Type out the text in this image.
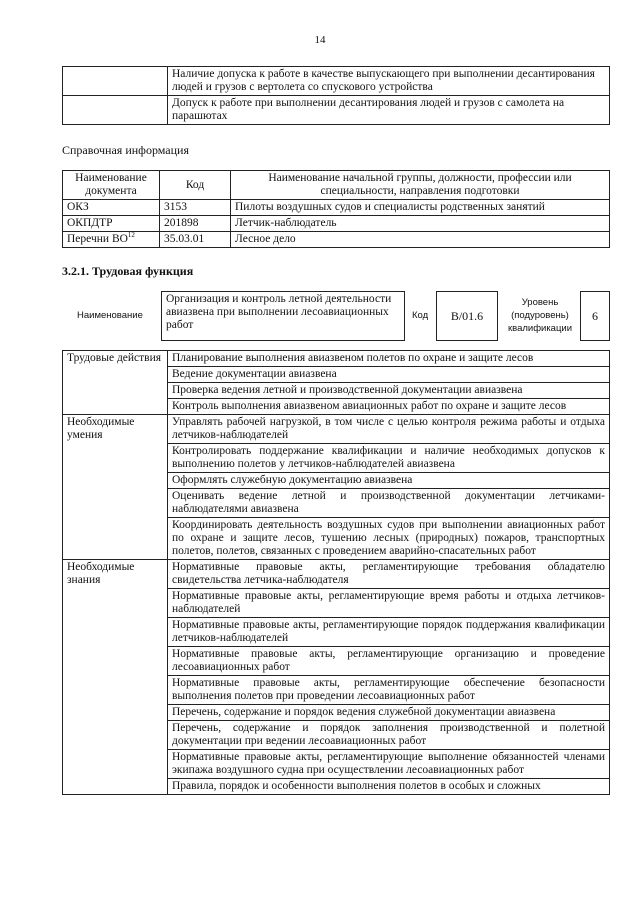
14
	Наличие допуска к работе в качестве выпускающего при выполнении десантирования людей и грузов с вертолета со спускового устройства
	Допуск к работе при выполнении десантирования людей и грузов с самолета на парашютах
Справочная информация
Наименование документа	Код	Наименование начальной группы, должности, профессии или специальности, направления подготовки
ОКЗ	3153	Пилоты воздушных судов и специалисты родственных занятий
ОКПДТР	201898	Летчик-наблюдатель
Перечни ВО$^{12}$	35.03.01	Лесное дело
3.2.1. Трудовая функция
Наименование
Организация и контроль летной деятельности авиазвена при выполнении лесоавиационных работ
Код	В/01.6
Уровень (подуровень) квалификации
6
Трудовые действия	Планирование выполнения авиазвеном полетов по охране и защите лесов
	Ведение документации авиазвена
	Проверка ведения летной и производственной документации авиазвена
	Контроль выполнения авиазвеном авиационных работ по охране и защите лесов
Необходимые умения	Управлять рабочей нагрузкой, в том числе с целью контроля режима работы и отдыха летчиков-наблюдателей
	Контролировать поддержание квалификации и наличие необходимых допусков к выполнению полетов у летчиков-наблюдателей авиазвена
	Оформлять служебную документацию авиазвена
	Оценивать ведение летной и производственной документации летчиками-наблюдателями авиазвена
	Координировать деятельность воздушных судов при выполнении авиационных работ по охране и защите лесов, тушению лесных (природных) пожаров, транспортных полетов, полетов, связанных с проведением аварийно-спасательных работ
Необходимые знания	Нормативные правовые акты, регламентирующие требования обладателю свидетельства летчика-наблюдателя
	Нормативные правовые акты, регламентирующие время работы и отдыха летчиков-наблюдателей
	Нормативные правовые акты, регламентирующие порядок поддержания квалификации летчиков-наблюдателей
	Нормативные правовые акты, регламентирующие организацию и проведение лесоавиационных работ
	Нормативные правовые акты, регламентирующие обеспечение безопасности выполнения полетов при проведении лесоавиационных работ
	Перечень, содержание и порядок ведения служебной документации авиазвена
	Перечень, содержание и порядок заполнения производственной и полетной документации при ведении лесоавиационных работ
	Нормативные правовые акты, регламентирующие выполнение обязанностей членами экипажа воздушного судна при осуществлении лесоавиационных работ
	Правила, порядок и особенности выполнения полетов в особых и сложных
